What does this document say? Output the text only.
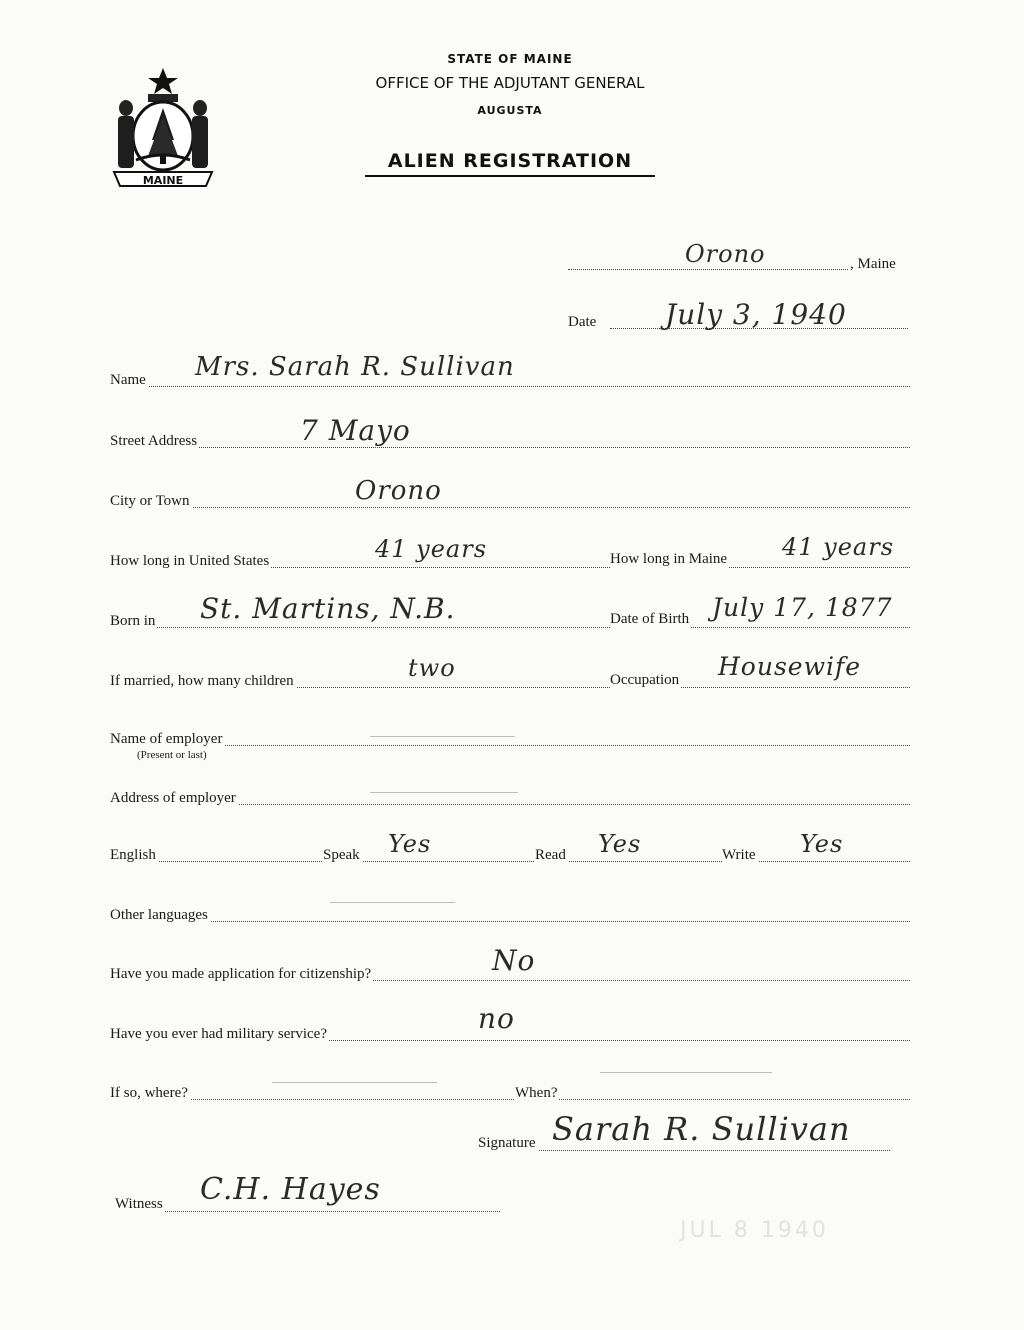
MAINE
STATE OF MAINE
OFFICE OF THE ADJUTANT GENERAL
AUGUSTA
ALIEN REGISTRATION
Orono	, Maine
Date July 3, 1940
Name Mrs. Sarah R. Sullivan
Street Address	7 Mayo
City or Town	Orono
How long in United States	41 years	How long in Maine 41 years
Born in St. Martins, N.B.	Date of Birth July 17, 1877
If married, how many children	two	Occupation Housewife
Name of employer
(Present or last)
Address of employer
English	Speak Yes	Read Yes	Write Yes
Other languages
Have you made application for citizenship?	No
Have you ever had military service?	no
If so, where?	When?
Signature Sarah R. Sullivan
Witness C.H. Hayes
JUL 8 1940
